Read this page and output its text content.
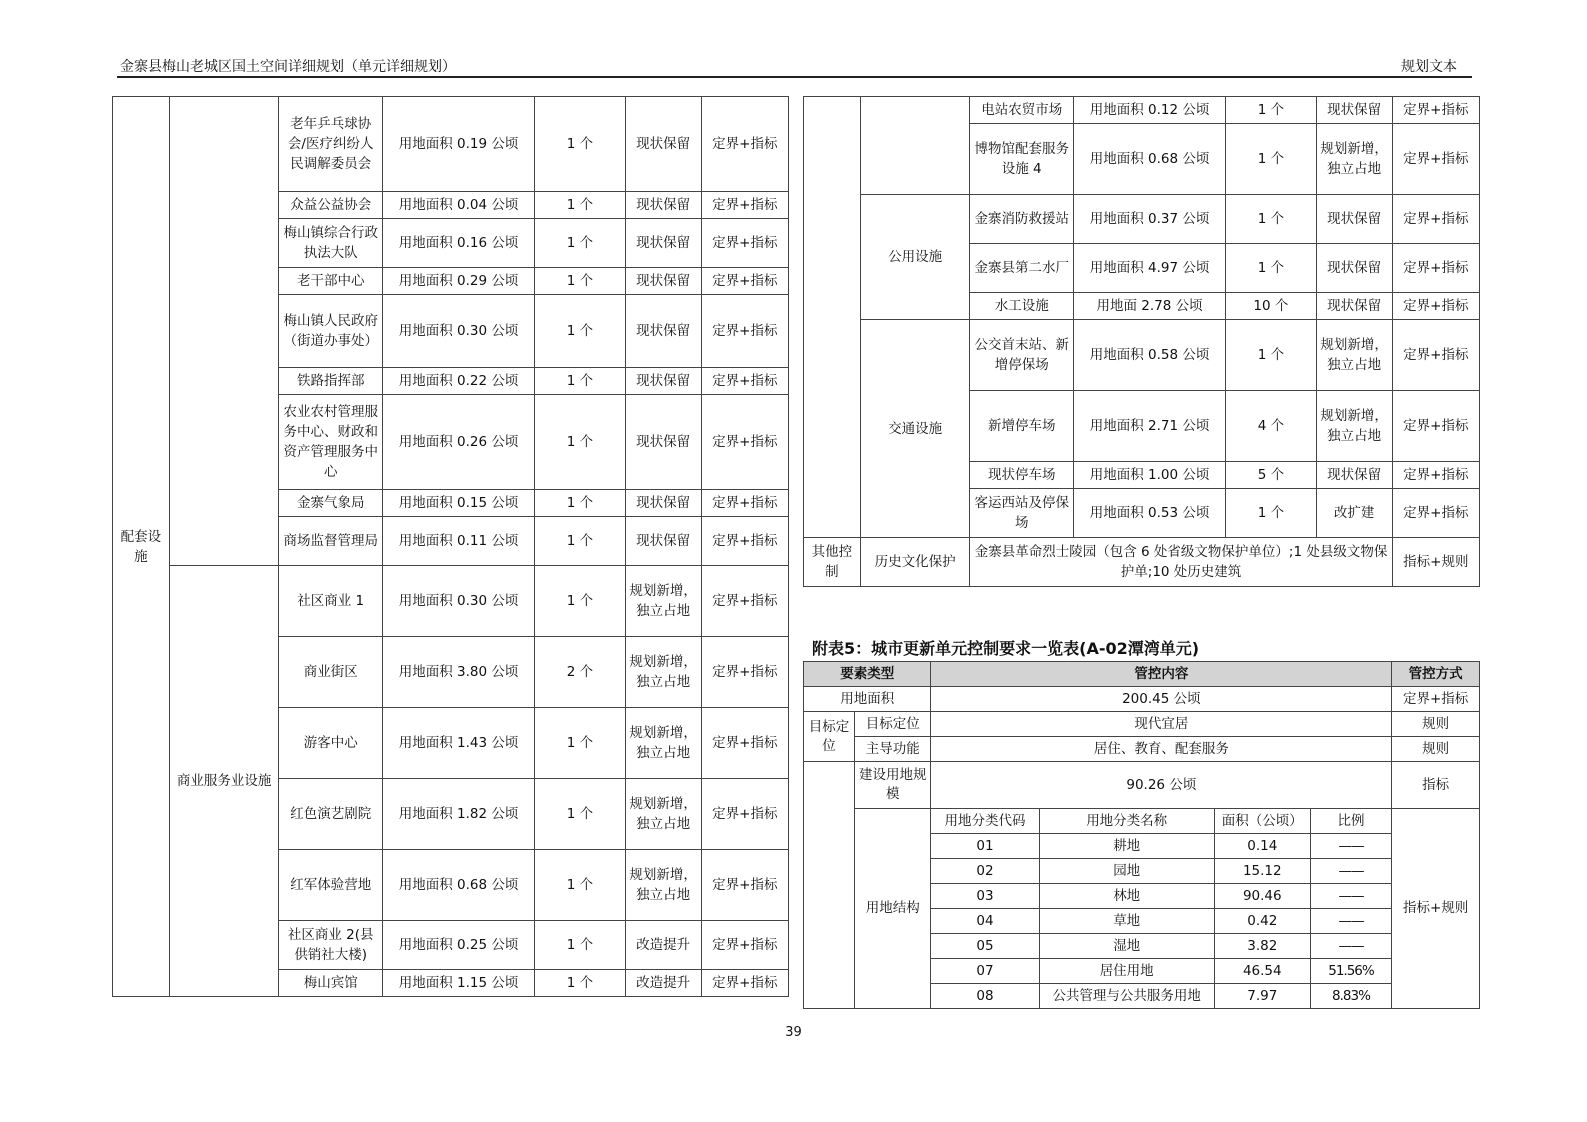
金寨县梅山老城区国土空间详细规划（单元详细规划）	规划文本
配套设施		老年乒乓球协会/医疗纠纷人民调解委员会	用地面积 0.19 公顷	1 个	现状保留	定界+指标
		众益公益协会	用地面积 0.04 公顷	1 个	现状保留	定界+指标
		梅山镇综合行政执法大队	用地面积 0.16 公顷	1 个	现状保留	定界+指标
		老干部中心	用地面积 0.29 公顷	1 个	现状保留	定界+指标
		梅山镇人民政府（街道办事处）	用地面积 0.30 公顷	1 个	现状保留	定界+指标
		铁路指挥部	用地面积 0.22 公顷	1 个	现状保留	定界+指标
		农业农村管理服务中心、财政和资产管理服务中心	用地面积 0.26 公顷	1 个	现状保留	定界+指标
		金寨气象局	用地面积 0.15 公顷	1 个	现状保留	定界+指标
		商场监督管理局	用地面积 0.11 公顷	1 个	现状保留	定界+指标
	商业服务业设施	社区商业 1	用地面积 0.30 公顷	1 个	规划新增，独立占地	定界+指标
		商业街区	用地面积 3.80 公顷	2 个	规划新增，独立占地	定界+指标
		游客中心	用地面积 1.43 公顷	1 个	规划新增，独立占地	定界+指标
		红色演艺剧院	用地面积 1.82 公顷	1 个	规划新增，独立占地	定界+指标
		红军体验营地	用地面积 0.68 公顷	1 个	规划新增，独立占地	定界+指标
		社区商业 2(县供销社大楼)	用地面积 0.25 公顷	1 个	改造提升	定界+指标
		梅山宾馆	用地面积 1.15 公顷	1 个	改造提升	定界+指标
		电站农贸市场	用地面积 0.12 公顷	1 个	现状保留	定界+指标
		博物馆配套服务设施 4	用地面积 0.68 公顷	1 个	规划新增，独立占地	定界+指标
	公用设施	金寨消防救援站	用地面积 0.37 公顷	1 个	现状保留	定界+指标
		金寨县第二水厂	用地面积 4.97 公顷	1 个	现状保留	定界+指标
		水工设施	用地面 2.78 公顷	10 个	现状保留	定界+指标
	交通设施	公交首末站、新增停保场	用地面积 0.58 公顷	1 个	规划新增，独立占地	定界+指标
		新增停车场	用地面积 2.71 公顷	4 个	规划新增，独立占地	定界+指标
		现状停车场	用地面积 1.00 公顷	5 个	现状保留	定界+指标
		客运西站及停保场	用地面积 0.53 公顷	1 个	改扩建	定界+指标
其他控制	历史文化保护	金寨县革命烈士陵园（包含 6 处省级文物保护单位）;1 处县级文物保护单;10 处历史建筑				指标+规则
附表5：城市更新单元控制要求一览表(A-02潭湾单元)
要素类型		管控内容				管控方式
用地面积		200.45 公顷				定界+指标
目标定位	目标定位	现代宜居				规则
	主导功能	居住、教育、配套服务				规则
	建设用地规模	90.26 公顷				指标
	用地结构	用地分类代码	用地分类名称	面积（公顷）	比例	指标+规则
		01	耕地	0.14	——	
		02	园地	15.12	——	
		03	林地	90.46	——	
		04	草地	0.42	——	
		05	湿地	3.82	——	
		07	居住用地	46.54	51.56%	
		08	公共管理与公共服务用地	7.97	8.83%	
39
